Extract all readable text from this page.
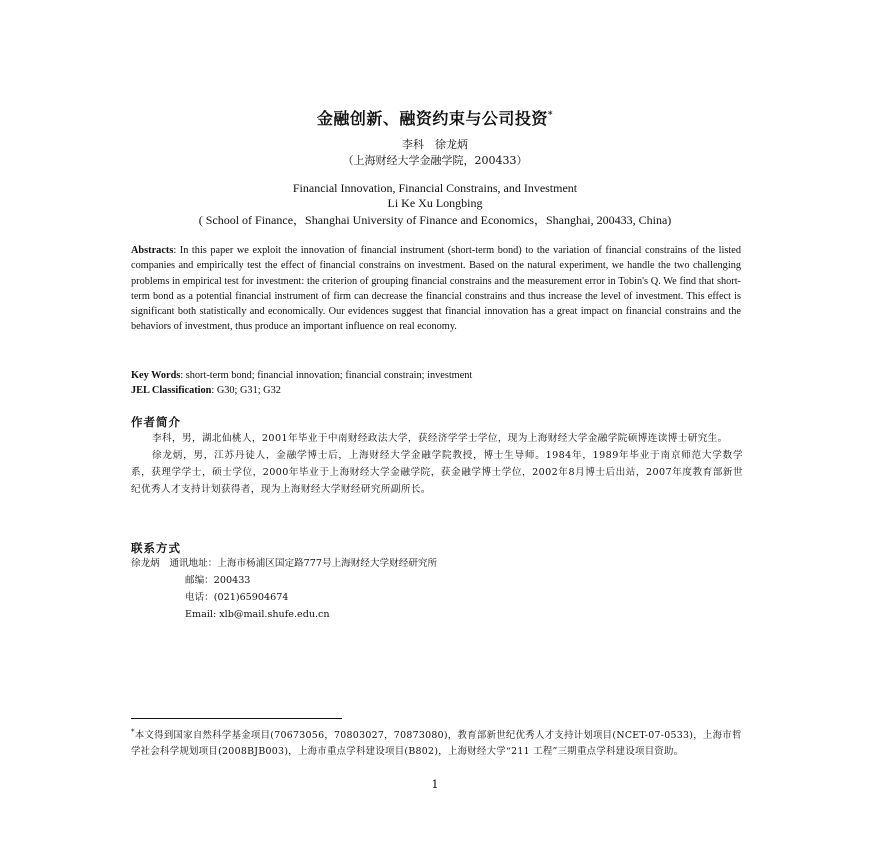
金融创新、融资约束与公司投资*
李科　徐龙炳
（上海财经大学金融学院，200433）
Financial Innovation, Financial Constrains, and Investment
Li Ke Xu Longbing
( School of Finance，Shanghai University of Finance and Economics，Shanghai, 200433, China)
Abstracts: In this paper we exploit the innovation of financial instrument (short-term bond) to the variation of financial constrains of the listed companies and empirically test the effect of financial constrains on investment. Based on the natural experiment, we handle the two challenging problems in empirical test for investment: the criterion of grouping financial constrains and the measurement error in Tobin's Q. We find that short-term bond as a potential financial instrument of firm can decrease the financial constrains and thus increase the level of investment. This effect is significant both statistically and economically. Our evidences suggest that financial innovation has a great impact on financial constrains and the behaviors of investment, thus produce an important influence on real economy.
Key Words: short-term bond; financial innovation; financial constrain; investment
JEL Classification: G30; G31; G32
作者简介

李科，男，湖北仙桃人，2001年毕业于中南财经政法大学，获经济学学士学位，现为上海财经大学金融学院硕博连读博士研究生。

徐龙炳，男，江苏丹徒人，金融学博士后，上海财经大学金融学院教授，博士生导师。1984年，1989年毕业于南京师范大学数学系，获理学学士，硕士学位，2000年毕业于上海财经大学金融学院，获金融学博士学位，2002年8月博士后出站，2007年度教育部新世纪优秀人才支持计划获得者，现为上海财经大学财经研究所副所长。

联系方式
徐龙炳　 通讯地址：上海市杨浦区国定路777号上海财经大学财经研究所
邮编：200433
电话：(021)65904674
Email: xlb@mail.shufe.edu.cn
*本文得到国家自然科学基金项目(70673056，70803027，70873080)，教育部新世纪优秀人才支持计划项目(NCET-07-0533)，上海市哲学社会科学规划项目(2008BJB003)，上海市重点学科建设项目(B802)，上海财经大学“211 工程”三期重点学科建设项目资助。
1
